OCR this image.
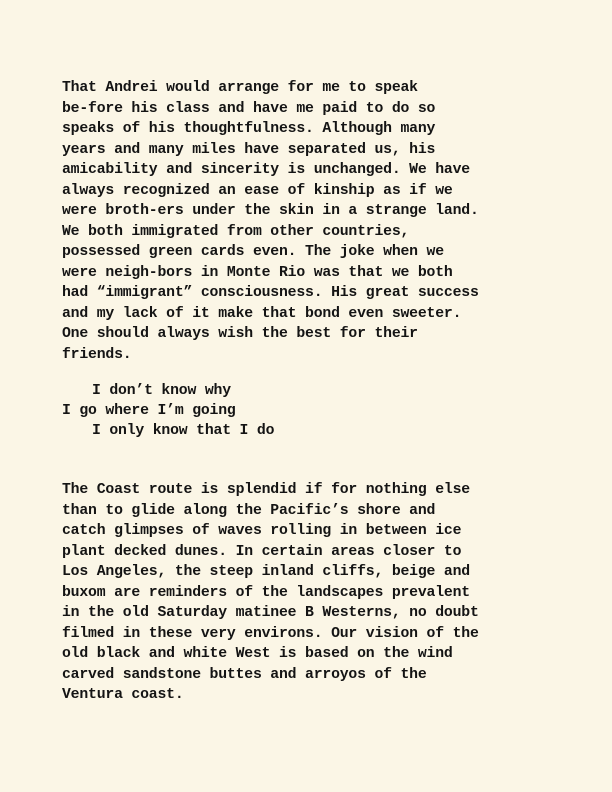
That Andrei would arrange for me to speak
be-fore his class and have me paid to do so
speaks of his thoughtfulness. Although many
years and many miles have separated us, his
amicability and sincerity is unchanged. We have
always recognized an ease of kinship as if we
were broth-ers under the skin in a strange land.
We both immigrated from other countries,
possessed green cards even. The joke when we
were neigh-bors in Monte Rio was that we both
had “immigrant” consciousness. His great success
and my lack of it make that bond even sweeter.
One should always wish the best for their
friends.
I don’t know why
I go where I’m going
I only know that I do
The Coast route is splendid if for nothing else
than to glide along the Pacific’s shore and
catch glimpses of waves rolling in between ice
plant decked dunes. In certain areas closer to
Los Angeles, the steep inland cliffs, beige and
buxom are reminders of the landscapes prevalent
in the old Saturday matinee B Westerns, no doubt
filmed in these very environs. Our vision of the
old black and white West is based on the wind
carved sandstone buttes and arroyos of the
Ventura coast.
